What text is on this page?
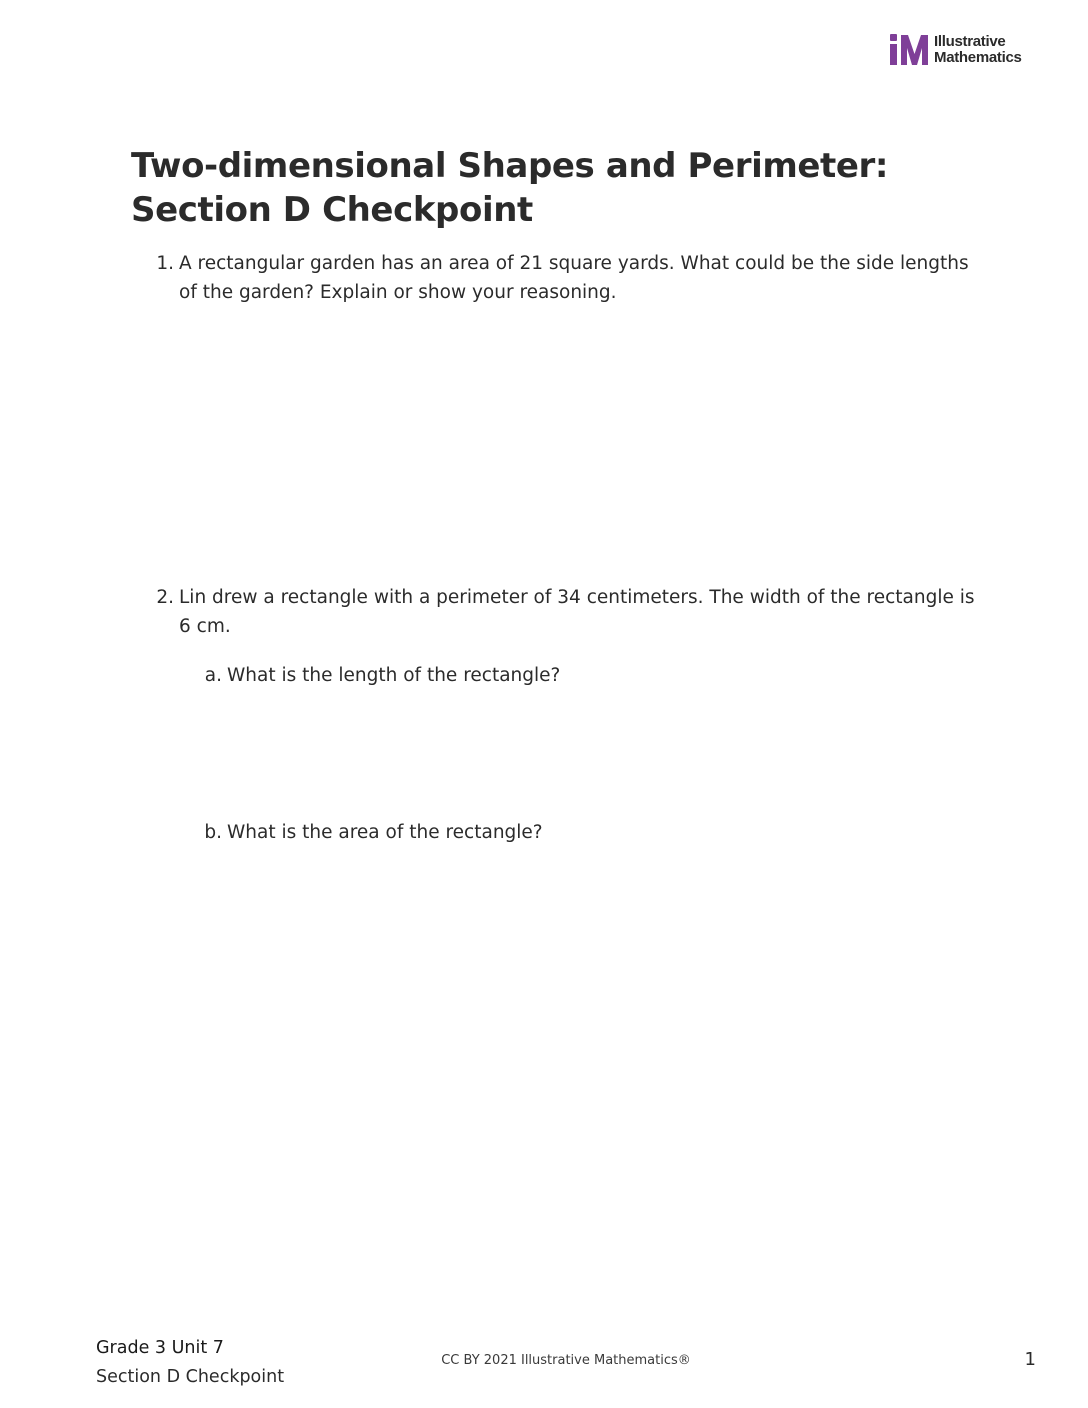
Illustrative
Mathematics
Two-dimensional Shapes and Perimeter: Section D Checkpoint
1. A rectangular garden has an area of 21 square yards. What could be the side lengths of the garden? Explain or show your reasoning.
2. Lin drew a rectangle with a perimeter of 34 centimeters. The width of the rectangle is 6 cm.
a. What is the length of the rectangle?
b. What is the area of the rectangle?
Grade 3 Unit 7
Section D Checkpoint
CC BY 2021 Illustrative Mathematics®	1
